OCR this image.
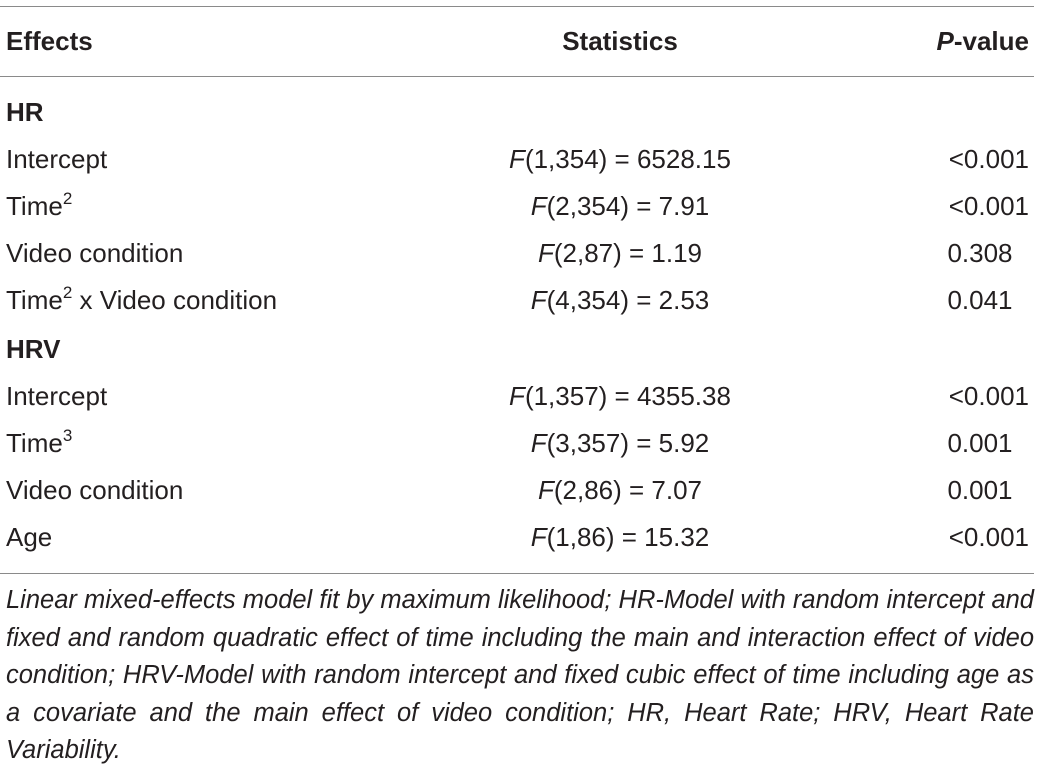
Effects	Statistics	P-value
HR
Intercept	F(1,354) = 6528.15	<0.001
Time$^2$	F(2,354) = 7.91	<0.001
Video condition	F(2,87) = 1.19	0.308
Time$^2$ x Video condition	F(4,354) = 2.53	0.041
HRV
Intercept	F(1,357) = 4355.38	<0.001
Time$^3$	F(3,357) = 5.92	0.001
Video condition	F(2,86) = 7.07	0.001
Age	F(1,86) = 15.32	<0.001
Linear mixed-effects model fit by maximum likelihood; HR-Model with random intercept and fixed and random quadratic effect of time including the main and interaction effect of video condition; HRV-Model with random intercept and fixed cubic effect of time including age as a covariate and the main effect of video condition; HR, Heart Rate; HRV, Heart Rate Variability.
